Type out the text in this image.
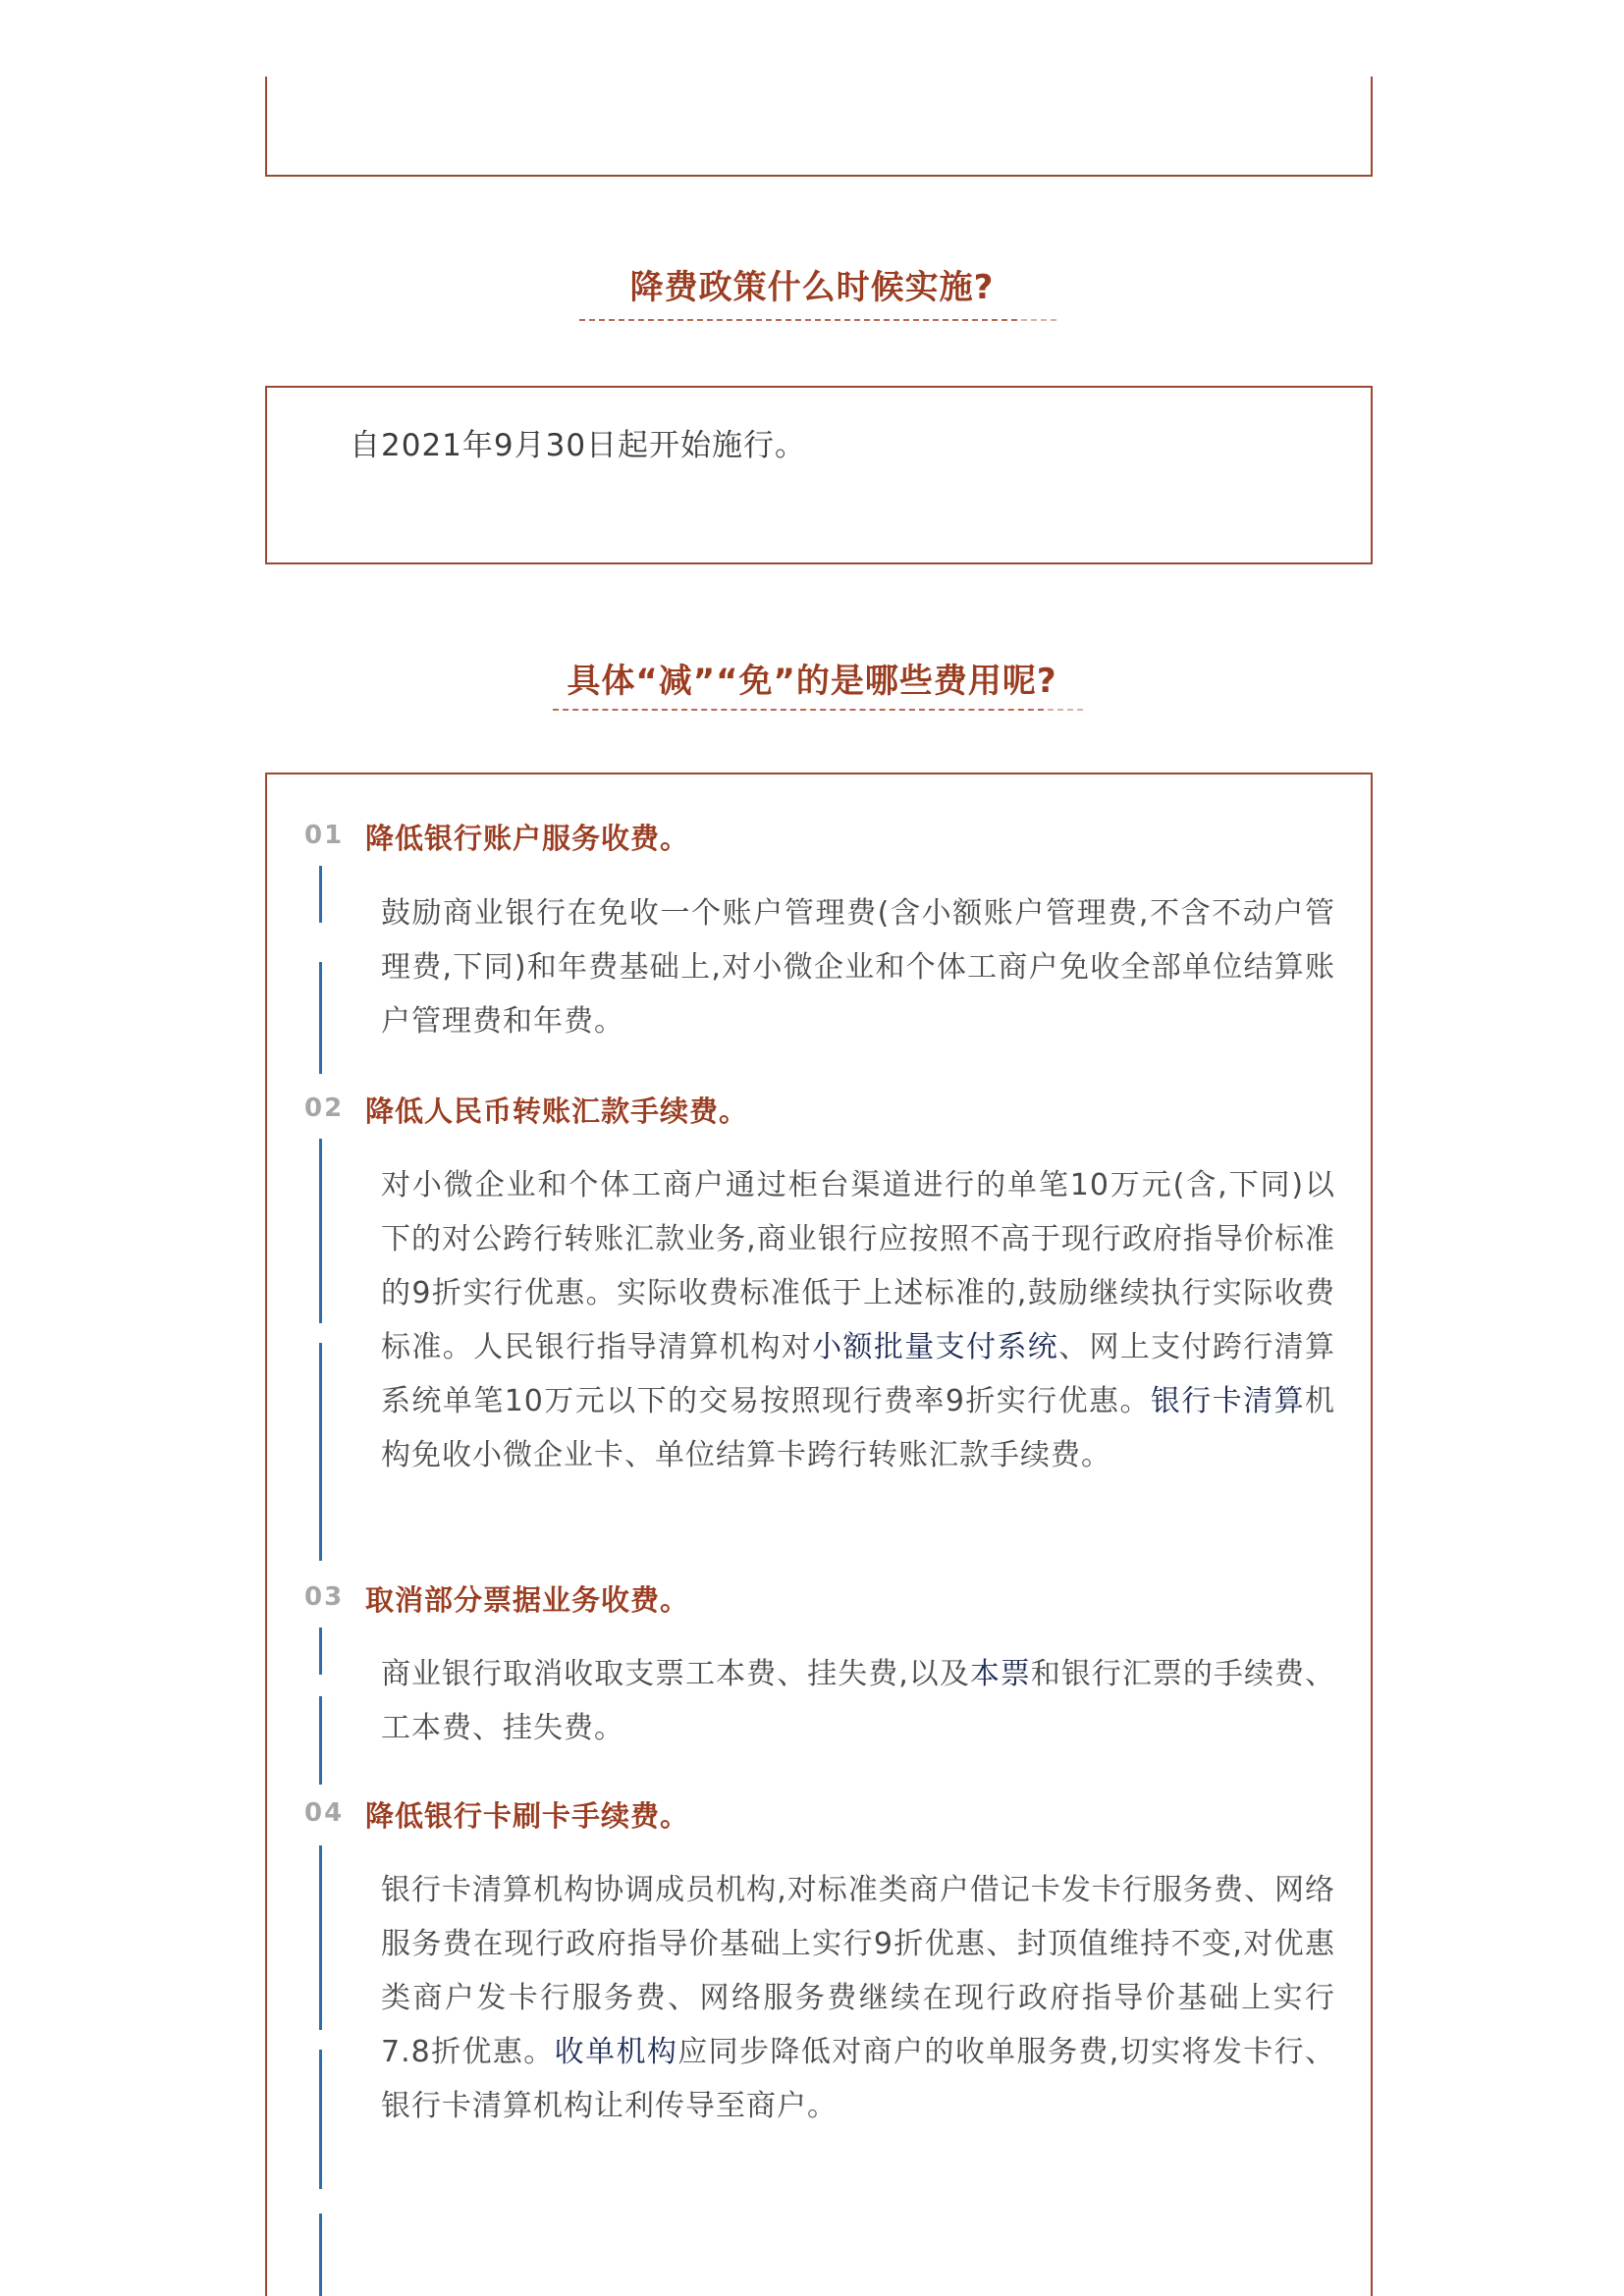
降费政策什么时候实施?
自2021年9月30日起开始施行。
具体“减”“免”的是哪些费用呢?
01 降低银行账户服务收费。
鼓励商业银行在免收一个账户管理费(含小额账户管理费,不含不动户管理费,下同)和年费基础上,对小微企业和个体工商户免收全部单位结算账户管理费和年费。
02 降低人民币转账汇款手续费。
对小微企业和个体工商户通过柜台渠道进行的单笔10万元(含,下同)以下的对公跨行转账汇款业务,商业银行应按照不高于现行政府指导价标准的9折实行优惠。实际收费标准低于上述标准的,鼓励继续执行实际收费标准。人民银行指导清算机构对小额批量支付系统、网上支付跨行清算系统单笔10万元以下的交易按照现行费率9折实行优惠。银行卡清算机构免收小微企业卡、单位结算卡跨行转账汇款手续费。
03 取消部分票据业务收费。
商业银行取消收取支票工本费、挂失费,以及本票和银行汇票的手续费、工本费、挂失费。
04 降低银行卡刷卡手续费。
银行卡清算机构协调成员机构,对标准类商户借记卡发卡行服务费、网络服务费在现行政府指导价基础上实行9折优惠、封顶值维持不变,对优惠类商户发卡行服务费、网络服务费继续在现行政府指导价基础上实行7.8折优惠。收单机构应同步降低对商户的收单服务费,切实将发卡行、银行卡清算机构让利传导至商户。
